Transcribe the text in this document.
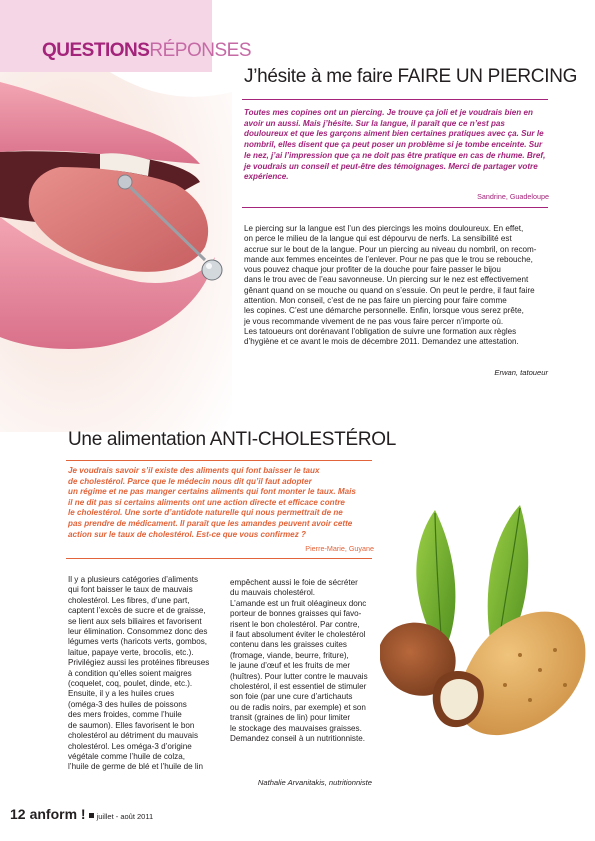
QUESTIONSRÉPONSES
J’hésite à me faire FAIRE UN PIERCING
Toutes mes copines ont un piercing. Je trouve ça joli et je voudrais bien en avoir un aussi. Mais j’hésite. Sur la langue, il paraît que ce n’est pas douloureux et que les garçons aiment bien certaines pratiques avec ça. Sur le nombril, elles disent que ça peut poser un problème si je tombe enceinte. Sur le nez, j’ai l’impression que ça ne doit pas être pratique en cas de rhume. Bref, je voudrais un conseil et peut-être des témoignages. Merci de partager votre expérience.
Sandrine, Guadeloupe
Le piercing sur la langue est l’un des piercings les moins douloureux. En effet,
on perce le milieu de la langue qui est dépourvu de nerfs. La sensibilité est
accrue sur le bout de la langue. Pour un piercing au niveau du nombril, on recom-
mande aux femmes enceintes de l’enlever. Pour ne pas que le trou se rebouche,
vous pouvez chaque jour profiter de la douche pour faire passer le bijou
dans le trou avec de l’eau savonneuse. Un piercing sur le nez est effectivement
gênant quand on se mouche ou quand on s’essuie. On peut le perdre, il faut faire
attention. Mon conseil, c’est de ne pas faire un piercing pour faire comme
les copines. C’est une démarche personnelle. Enfin, lorsque vous serez prête,
je vous recommande vivement de ne pas vous faire percer n’importe où.
Les tatoueurs ont dorénavant l’obligation de suivre une formation aux règles
d’hygiène et ce avant le mois de décembre 2011. Demandez une attestation.
Erwan, tatoueur
Une alimentation ANTI-CHOLESTÉROL
Je voudrais savoir s’il existe des aliments qui font baisser le taux
de cholestérol. Parce que le médecin nous dit qu’il faut adopter
un régime et ne pas manger certains aliments qui font monter le taux. Mais
il ne dit pas si certains aliments ont une action directe et efficace contre
le cholestérol. Une sorte d’antidote naturelle qui nous permettrait de ne
pas prendre de médicament. Il paraît que les amandes peuvent avoir cette
action sur le taux de cholestérol. Est-ce que vous confirmez ?
Pierre-Marie, Guyane
Il y a plusieurs catégories d’aliments
qui font baisser le taux de mauvais
cholestérol. Les fibres, d’une part,
captent l’excès de sucre et de graisse,
se lient aux sels biliaires et favorisent
leur élimination. Consommez donc des
légumes verts (haricots verts, gombos,
laitue, papaye verte, brocolis, etc.).
Privilégiez aussi les protéines fibreuses
à condition qu’elles soient maigres
(coquelet, coq, poulet, dinde, etc.).
Ensuite, il y a les huiles crues
(oméga-3 des huiles de poissons
des mers froides, comme l’huile
de saumon). Elles favorisent le bon
cholestérol au détriment du mauvais
cholestérol. Les oméga-3 d’origine
végétale comme l’huile de colza,
l’huile de germe de blé et l’huile de lin
empêchent aussi le foie de sécréter
du mauvais cholestérol.
L’amande est un fruit oléagineux donc
porteur de bonnes graisses qui favo-
risent le bon cholestérol. Par contre,
il faut absolument éviter le cholestérol
contenu dans les graisses cuites
(fromage, viande, beurre, friture),
le jaune d’œuf et les fruits de mer
(huîtres). Pour lutter contre le mauvais
cholestérol, il est essentiel de stimuler
son foie (par une cure d’artichauts
ou de radis noirs, par exemple) et son
transit (graines de lin) pour limiter
le stockage des mauvaises graisses.
Demandez conseil à un nutritionniste.
Nathalie Arvanitakis, nutritionniste
12 anform ! juillet - août 2011
